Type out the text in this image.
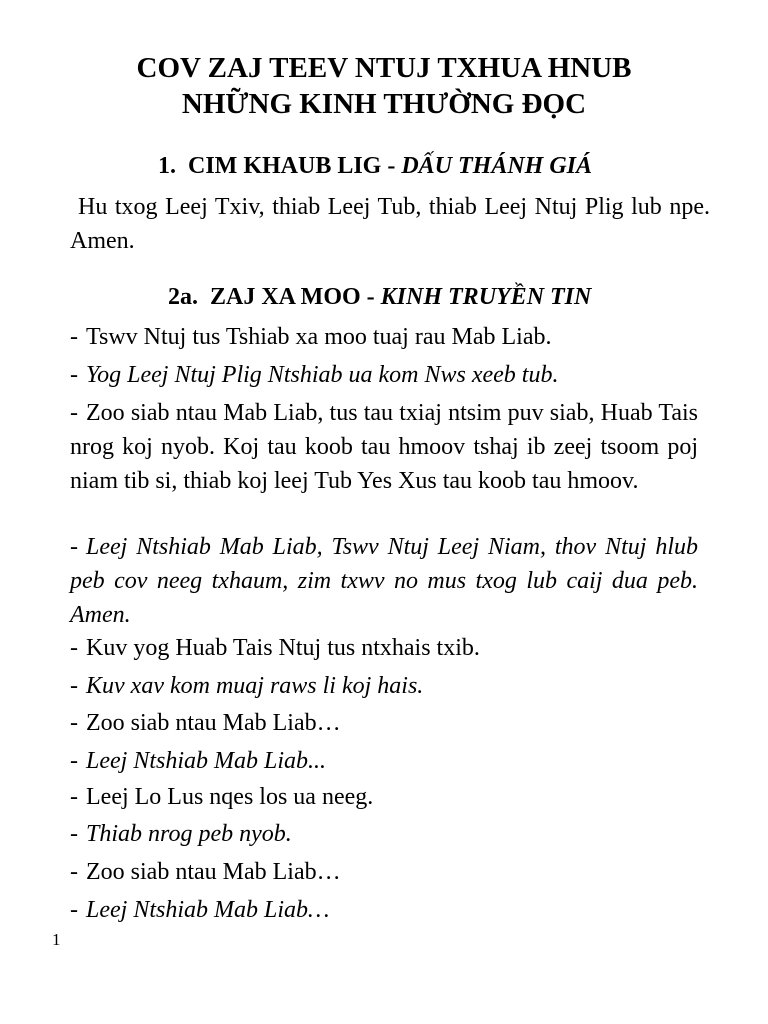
COV ZAJ TEEV NTUJ TXHUA HNUB
NHỮNG KINH THƯỜNG ĐỌC
1. CIM KHAUB LIG - DẤU THÁNH GIÁ
Hu txog Leej Txiv, thiab Leej Tub, thiab Leej Ntuj Plig lub npe. Amen.
2a. ZAJ XA MOO - KINH TRUYỀN TIN
- Tswv Ntuj tus Tshiab xa moo tuaj rau Mab Liab.
- Yog Leej Ntuj Plig Ntshiab ua kom Nws xeeb tub.
- Zoo siab ntau Mab Liab, tus tau txiaj ntsim puv siab, Huab Tais nrog koj nyob. Koj tau koob tau hmoov tshaj ib zeej tsoom poj niam tib si, thiab koj leej Tub Yes Xus tau koob tau hmoov.
- Leej Ntshiab Mab Liab, Tswv Ntuj Leej Niam, thov Ntuj hlub peb cov neeg txhaum, zim txwv no mus txog lub caij dua peb. Amen.
- Kuv yog Huab Tais Ntuj tus ntxhais txib.
- Kuv xav kom muaj raws li koj hais.
- Zoo siab ntau Mab Liab…
- Leej Ntshiab Mab Liab...
- Leej Lo Lus nqes los ua neeg.
- Thiab nrog peb nyob.
- Zoo siab ntau Mab Liab…
- Leej Ntshiab Mab Liab…
1
